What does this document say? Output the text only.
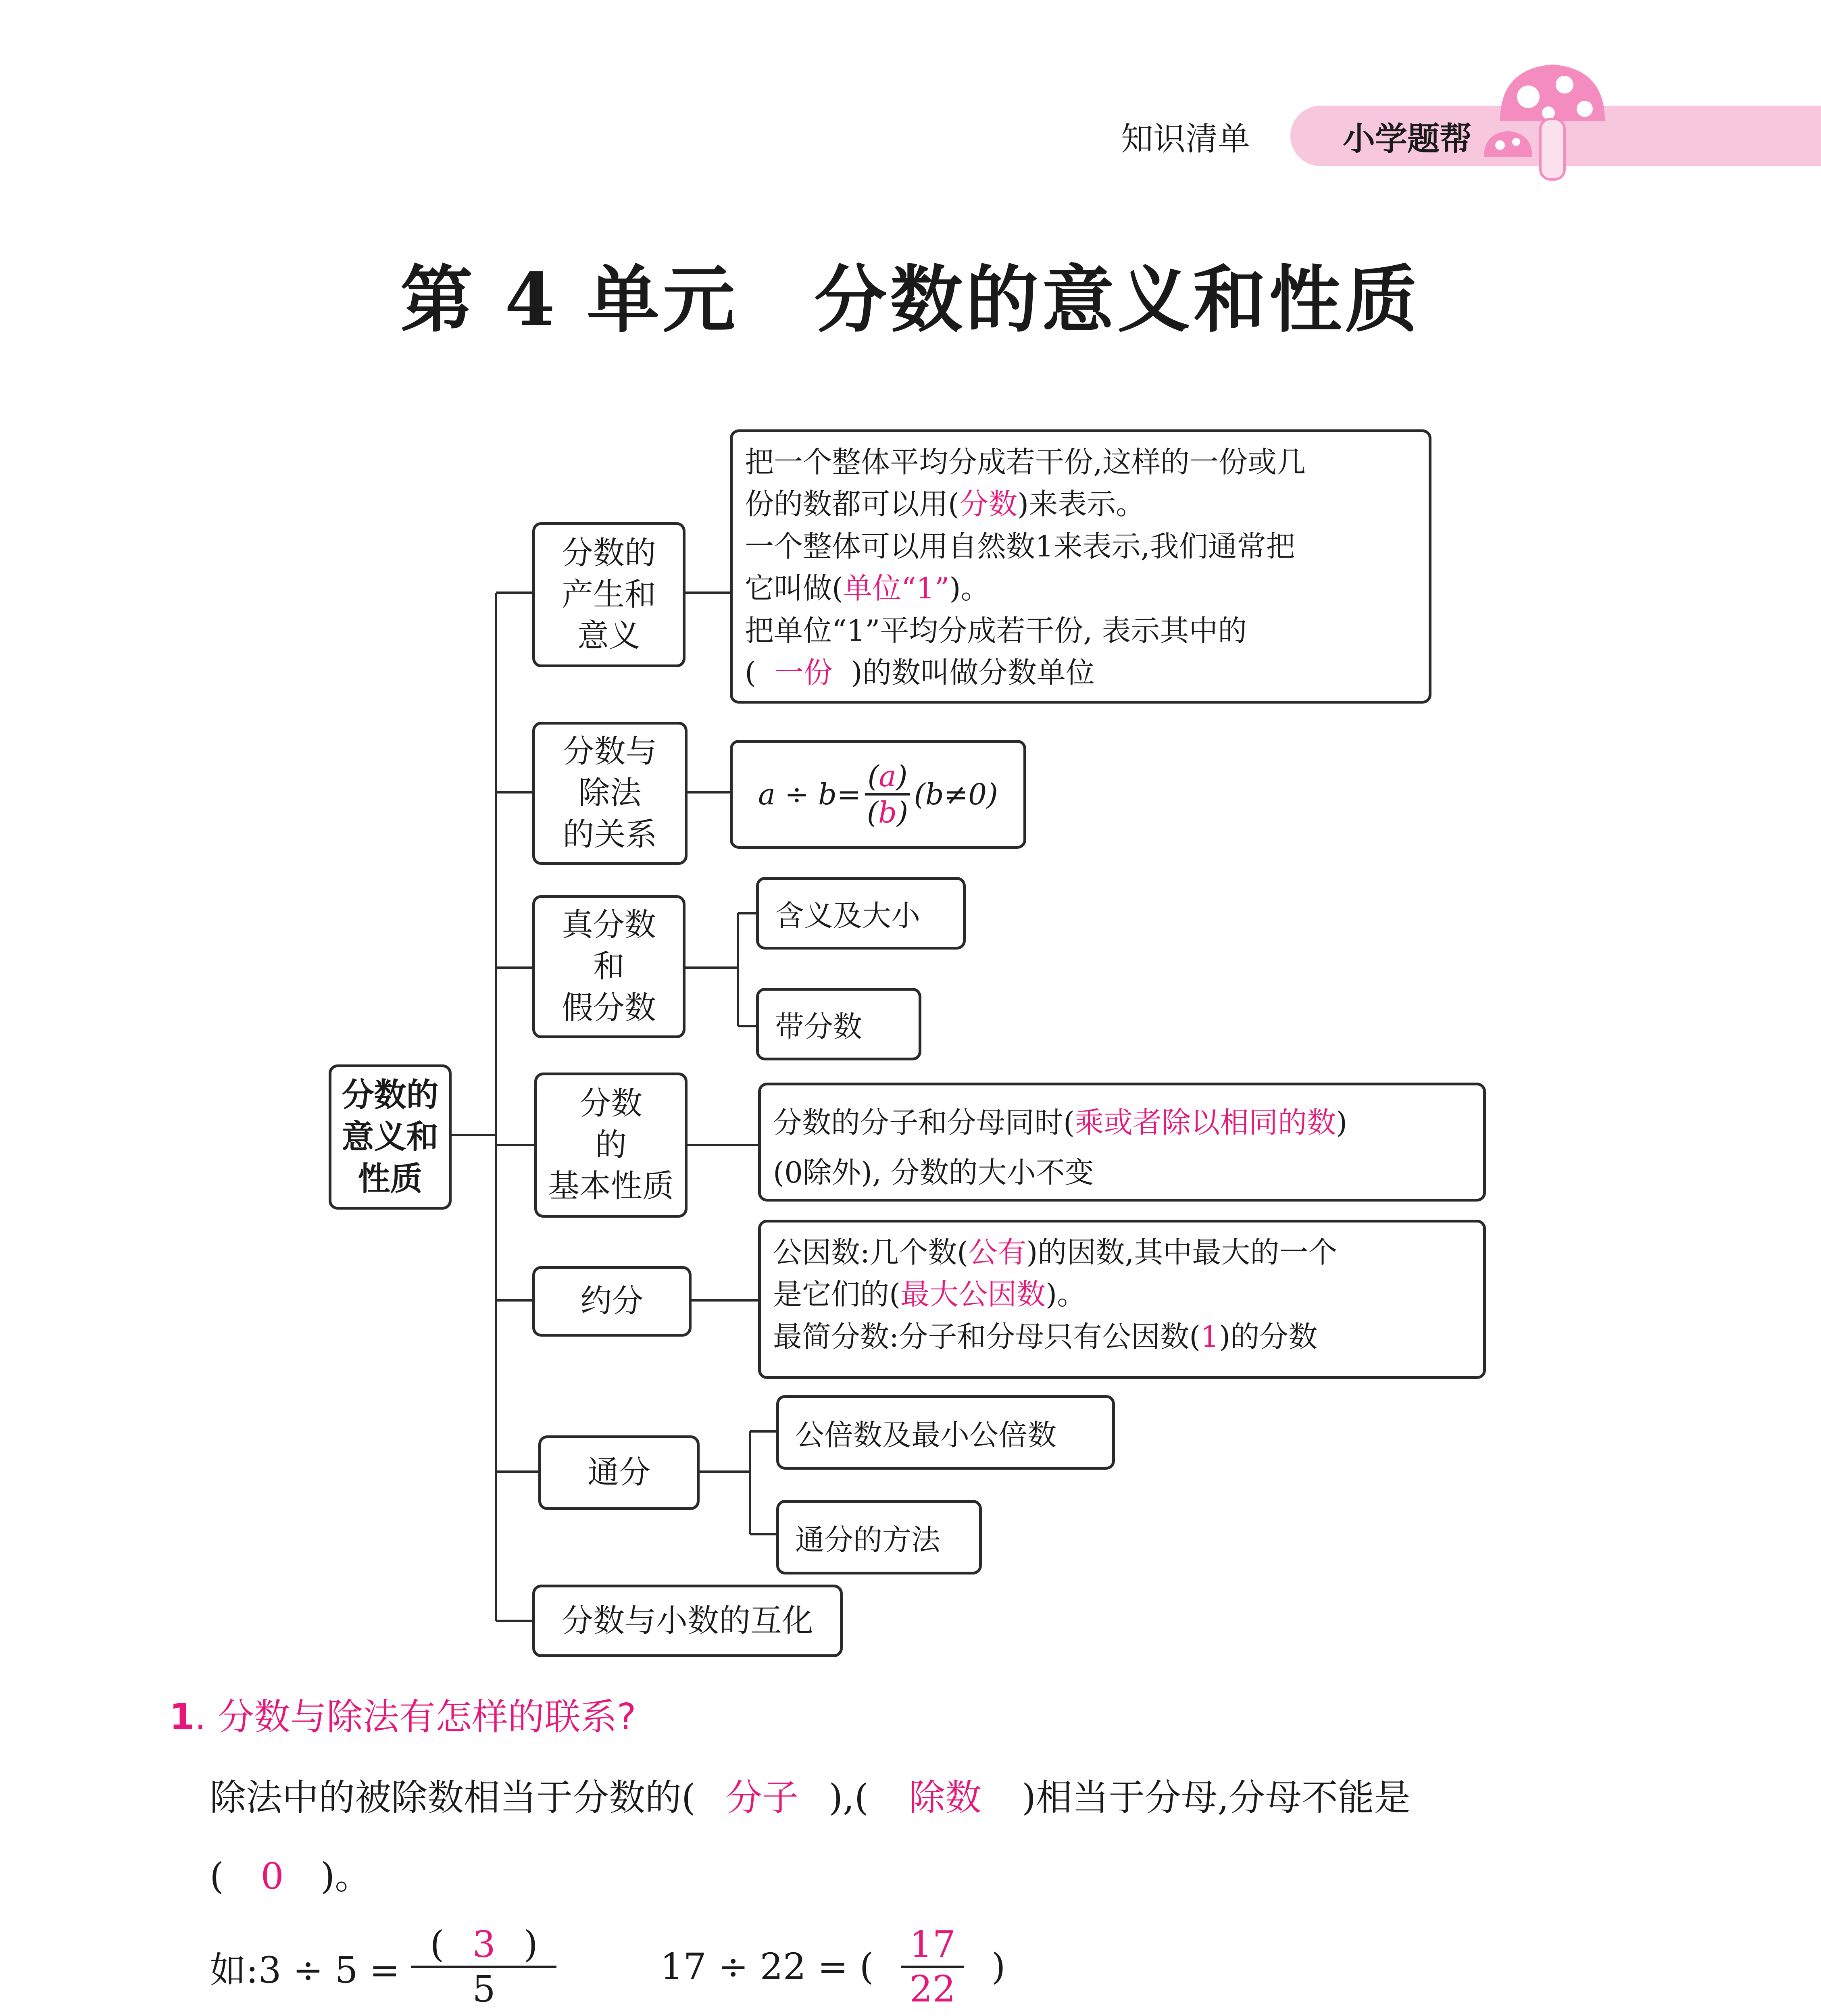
知识清单	小学题帮
第 4 单元　分数的意义和性质
分数的
意义和
性质
分数的
产生和
意义
把一个整体平均分成若干份,这样的一份或几
份的数都可以用(分数)来表示。
一个整体可以用自然数1来表示,我们通常把
它叫做(单位“1”)。
把单位“1”平均分成若干份, 表示其中的
( 一份 )的数叫做分数单位
分数与
除法
的关系
$a \div b= \frac{(a)}{(b)} (b\ne 0)$
真分数
和
假分数
含义及大小
带分数
分数
的
基本性质
分数的分子和分母同时(乘或者除以相同的数)
(0除外), 分数的大小不变
约分
公因数:几个数(公有)的因数,其中最大的一个
是它们的(最大公因数)。
最简分数:分子和分母只有公因数(1)的分数
通分
公倍数及最小公倍数
通分的方法
分数与小数的互化
1. 分数与除法有怎样的联系?
除法中的被除数相当于分数的( 分子 ),( 除数 )相当于分母,分母不能是
( 0 )。
如:3 ÷ $5 = \frac{( 3 )}{5}$	17 ÷ 22 = ( $\frac{17}{22}$ )
